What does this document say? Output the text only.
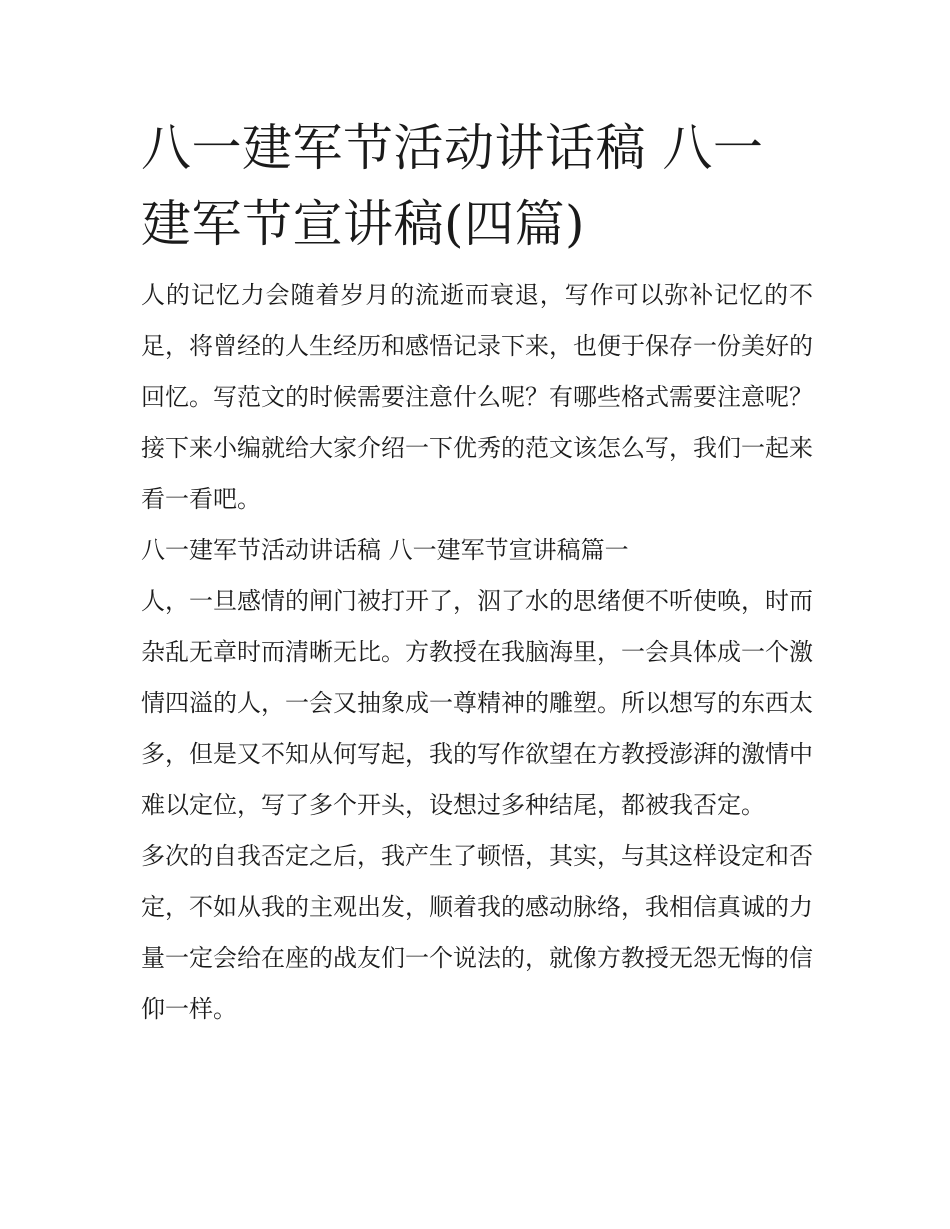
八一建军节活动讲话稿 八一建军节宣讲稿(四篇)

人的记忆力会随着岁月的流逝而衰退，写作可以弥补记忆的不足，将曾经的人生经历和感悟记录下来，也便于保存一份美好的回忆。写范文的时候需要注意什么呢？有哪些格式需要注意呢？接下来小编就给大家介绍一下优秀的范文该怎么写，我们一起来看一看吧。

八一建军节活动讲话稿 八一建军节宣讲稿篇一

人，一旦感情的闸门被打开了，泅了水的思绪便不听使唤，时而杂乱无章时而清晰无比。方教授在我脑海里，一会具体成一个激情四溢的人，一会又抽象成一尊精神的雕塑。所以想写的东西太多，但是又不知从何写起，我的写作欲望在方教授澎湃的激情中难以定位，写了多个开头，设想过多种结尾，都被我否定。

多次的自我否定之后，我产生了顿悟，其实，与其这样设定和否定，不如从我的主观出发，顺着我的感动脉络，我相信真诚的力量一定会给在座的战友们一个说法的，就像方教授无怨无悔的信仰一样。
